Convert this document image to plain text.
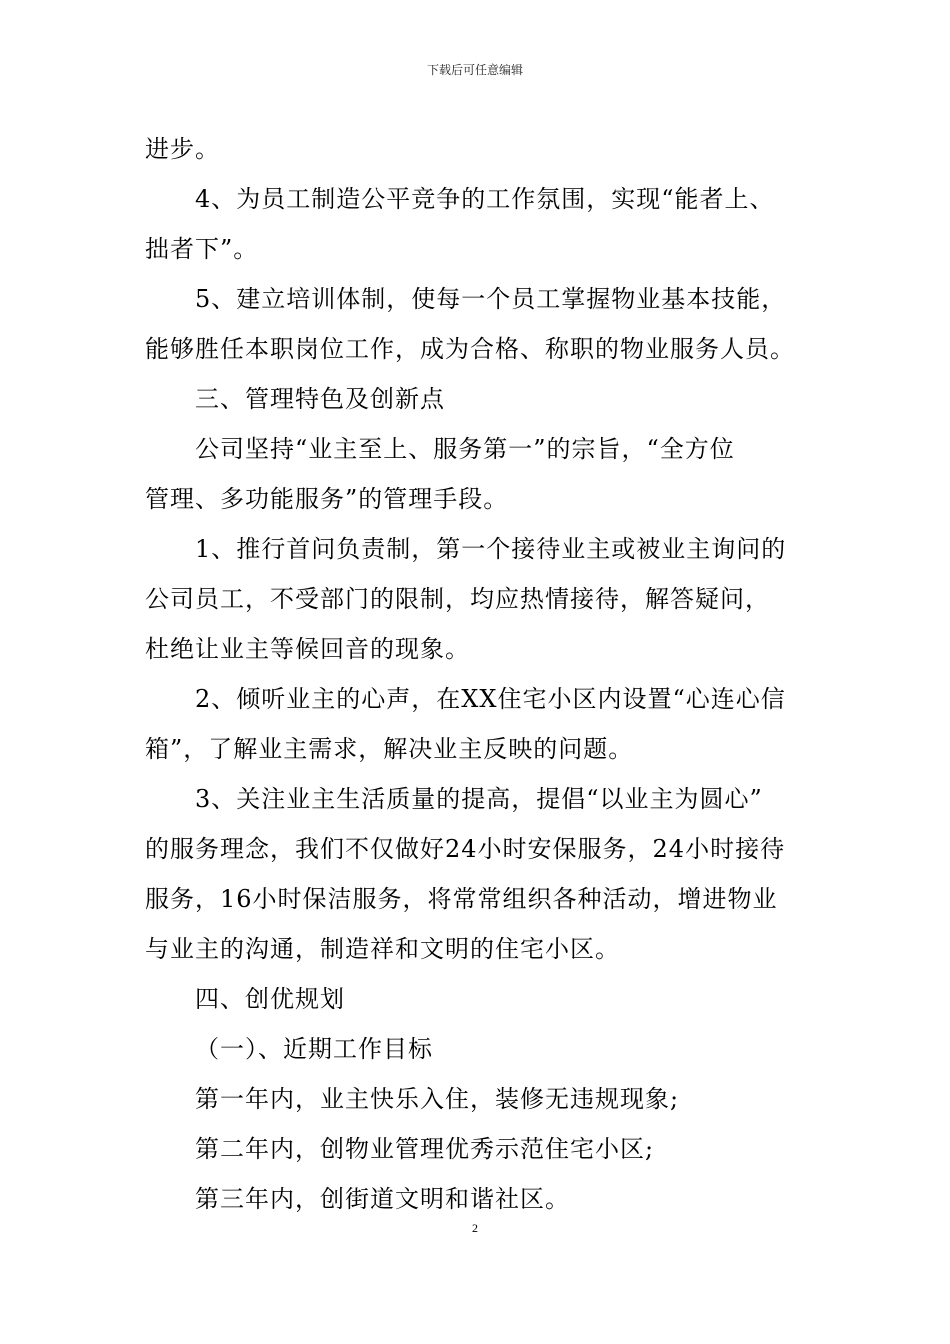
下载后可任意编辑
进步。
4、为员工制造公平竞争的工作氛围，实现“能者上、
拙者下”。
5、建立培训体制，使每一个员工掌握物业基本技能，
能够胜任本职岗位工作，成为合格、称职的物业服务人员。
三、管理特色及创新点
公司坚持“业主至上、服务第一”的宗旨，“全方位
管理、多功能服务”的管理手段。
1、推行首问负责制，第一个接待业主或被业主询问的
公司员工，不受部门的限制，均应热情接待，解答疑问，
杜绝让业主等候回音的现象。
2、倾听业主的心声，在XX住宅小区内设置“心连心信
箱”，了解业主需求，解决业主反映的问题。
3、关注业主生活质量的提高，提倡“以业主为圆心”
的服务理念，我们不仅做好24小时安保服务，24小时接待
服务，16小时保洁服务，将常常组织各种活动，增进物业
与业主的沟通，制造祥和文明的住宅小区。
四、创优规划
（一）、近期工作目标
第一年内，业主快乐入住，装修无违规现象;
第二年内，创物业管理优秀示范住宅小区;
第三年内，创街道文明和谐社区。
2
